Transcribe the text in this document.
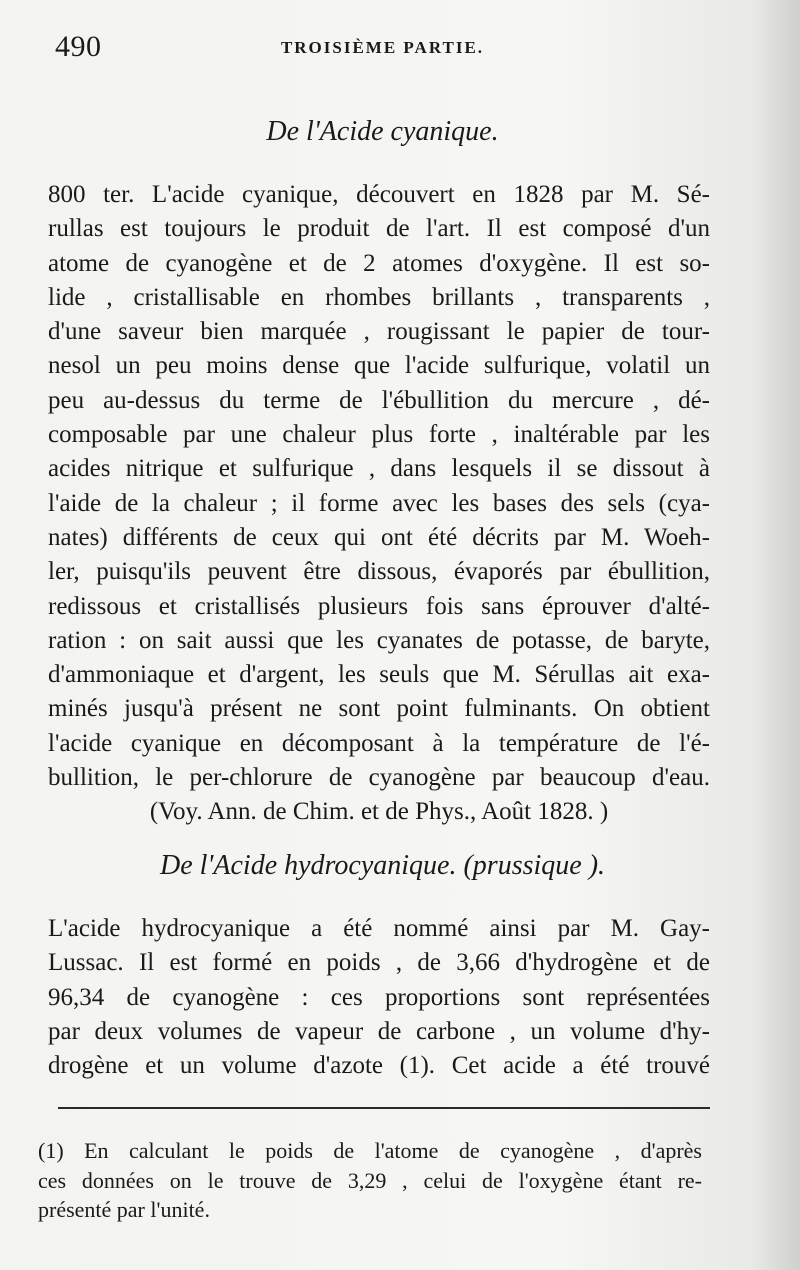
490	TROISIÈME PARTIE.
De l'Acide cyanique.
800 ter. L'acide cyanique, découvert en 1828 par M. Sé-
rullas est toujours le produit de l'art. Il est composé d'un
atome de cyanogène et de 2 atomes d'oxygène. Il est so-
lide , cristallisable en rhombes brillants , transparents ,
d'une saveur bien marquée , rougissant le papier de tour-
nesol un peu moins dense que l'acide sulfurique, volatil un
peu au-dessus du terme de l'ébullition du mercure , dé-
composable par une chaleur plus forte , inaltérable par les
acides nitrique et sulfurique , dans lesquels il se dissout à
l'aide de la chaleur ; il forme avec les bases des sels (cya-
nates) différents de ceux qui ont été décrits par M. Woeh-
ler, puisqu'ils peuvent être dissous, évaporés par ébullition,
redissous et cristallisés plusieurs fois sans éprouver d'alté-
ration : on sait aussi que les cyanates de potasse, de baryte,
d'ammoniaque et d'argent, les seuls que M. Sérullas ait exa-
minés jusqu'à présent ne sont point fulminants. On obtient
l'acide cyanique en décomposant à la température de l'é-
bullition, le per-chlorure de cyanogène par beaucoup d'eau.
(Voy. Ann. de Chim. et de Phys., Août 1828. )
De l'Acide hydrocyanique. (prussique ).
L'acide hydrocyanique a été nommé ainsi par M. Gay-
Lussac. Il est formé en poids , de 3,66 d'hydrogène et de
96,34 de cyanogène : ces proportions sont représentées
par deux volumes de vapeur de carbone , un volume d'hy-
drogène et un volume d'azote (1). Cet acide a été trouvé
(1) En calculant le poids de l'atome de cyanogène , d'après
ces données on le trouve de 3,29 , celui de l'oxygène étant re-
présenté par l'unité.
